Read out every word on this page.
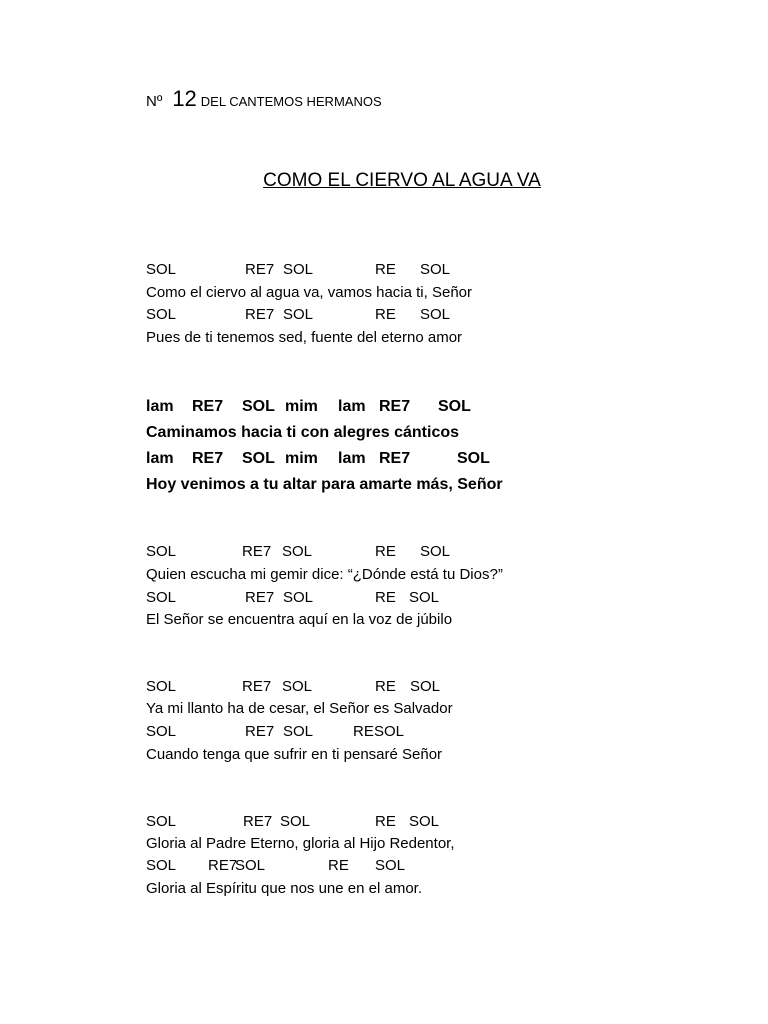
Nº 12 DEL CANTEMOS HERMANOS
COMO EL CIERVO AL AGUA VA
SOL	RE7 SOL	RE SOL
Como el ciervo al agua va, vamos hacia ti, Señor
SOL	RE7 SOL	RE SOL
Pues de ti tenemos sed, fuente del eterno amor
lam RE7 SOL mim lam RE7 SOL
Caminamos hacia ti con alegres cánticos
lam RE7 SOL mim lam RE7	SOL
Hoy venimos a tu altar para amarte más, Señor
SOL	RE7 SOL	RE SOL
Quien escucha mi gemir dice: “¿Dónde está tu Dios?”
SOL	RE7 SOL	RE SOL
El Señor se encuentra aquí en la voz de júbilo
SOL	RE7 SOL	RE SOL
Ya mi llanto ha de cesar, el Señor es Salvador
SOL	RE7 SOL	RE SOL
Cuando tenga que sufrir en ti pensaré Señor
SOL	RE7 SOL	RE SOL
Gloria al Padre Eterno, gloria al Hijo Redentor,
SOL RE7
SOL	RE SOL
Gloria al Espíritu que nos une en el amor.
